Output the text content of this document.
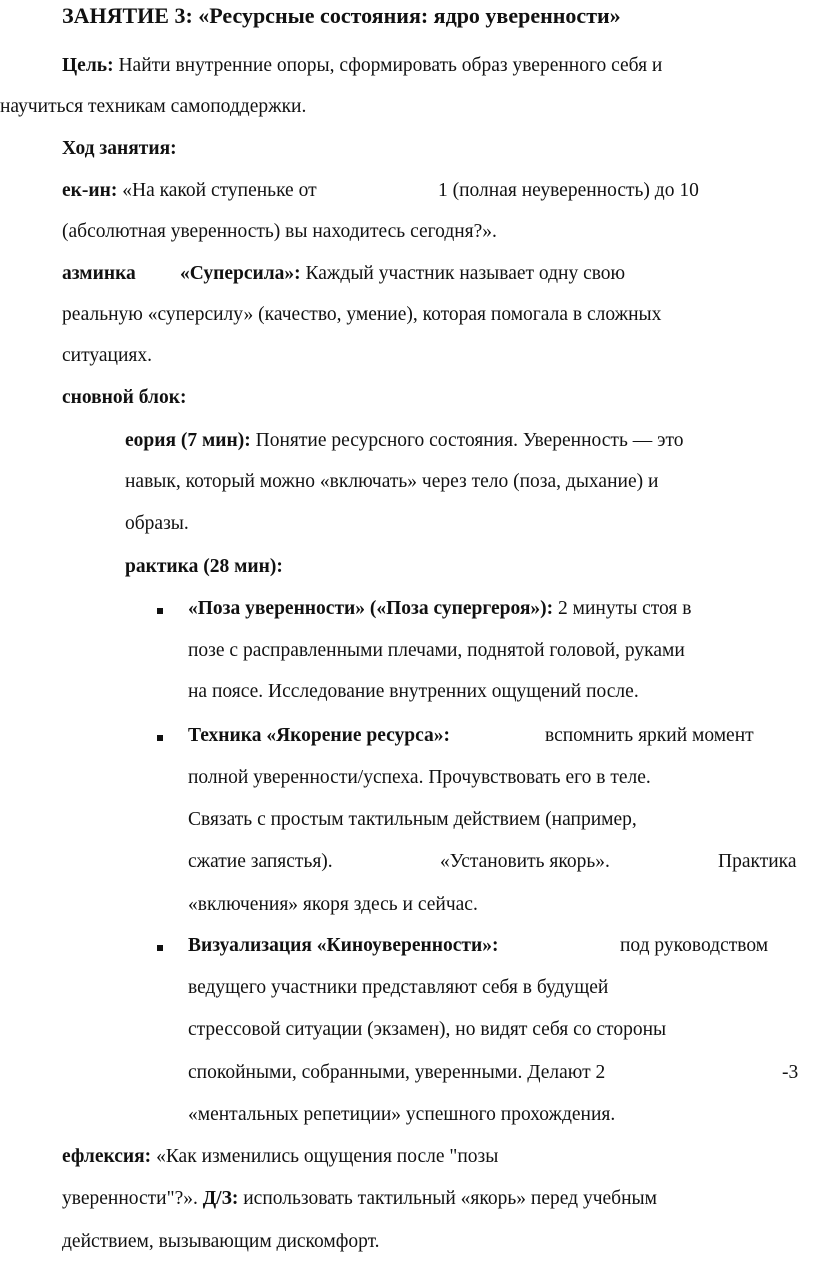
ЗАНЯТИЕ 3: «Ресурсные состояния: ядро уверенности»
Цель: Найти внутренние опоры, сформировать образ уверенного себя и
научиться техникам самоподдержки.
Ход занятия:
ек-ин: «На какой ступеньке от	1 (полная неуверенность) до 10
(абсолютная уверенность) вы находитесь сегодня?».
азминка «Суперсила»: Каждый участник называет одну свою
реальную «суперсилу» (качество, умение), которая помогала в сложных
ситуациях.
сновной блок:
еория (7 мин): Понятие ресурсного состояния. Уверенность — это
навык, который можно «включать» через тело (поза, дыхание) и
образы.
рактика (28 мин):
«Поза уверенности» («Поза супергероя»): 2 минуты стоя в
позе с расправленными плечами, поднятой головой, руками
на поясе. Исследование внутренних ощущений после.
Техника «Якорение ресурса»:	вспомнить яркий момент
полной уверенности/успеха. Прочувствовать его в теле.
Связать с простым тактильным действием (например,
сжатие запястья).	«Установить якорь».	Практика
«включения» якоря здесь и сейчас.
Визуализация «Киноуверенности»:	под руководством
ведущего участники представляют себя в будущей
стрессовой ситуации (экзамен), но видят себя со стороны
спокойными, собранными, уверенными. Делают 2	-3
«ментальных репетиции» успешного прохождения.
ефлексия: «Как изменились ощущения после "позы
уверенности"?». Д/З: использовать тактильный «якорь» перед учебным
действием, вызывающим дискомфорт.
